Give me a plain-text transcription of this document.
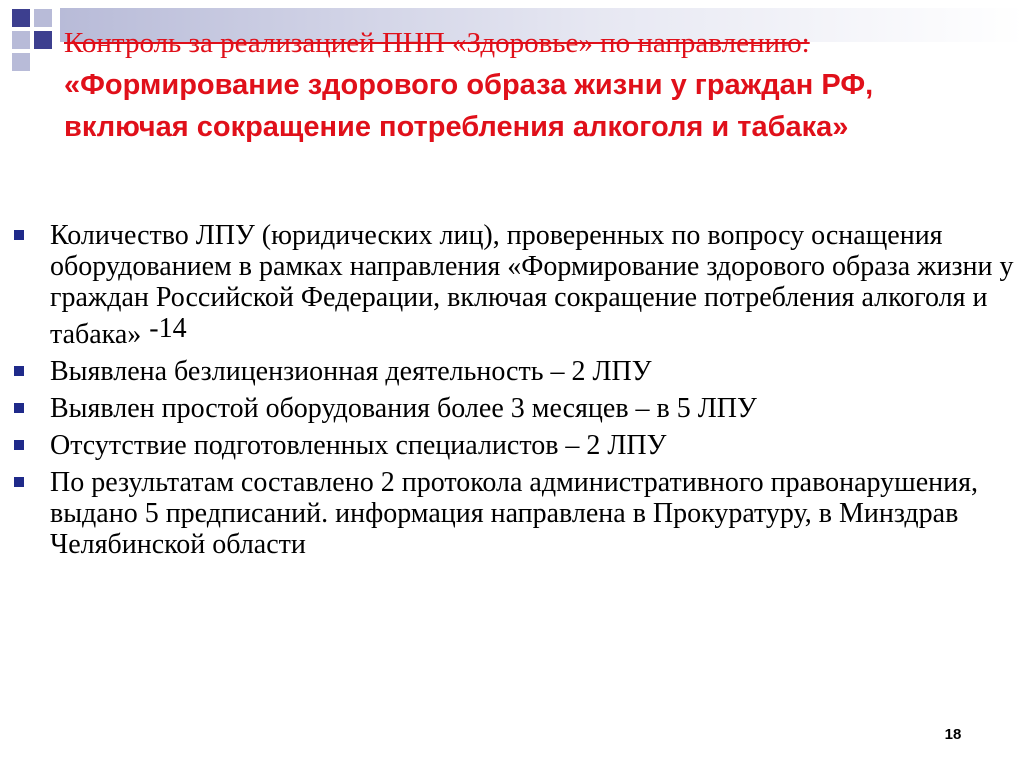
Контроль за реализацией ПНП «Здоровье» по направлению:
«Формирование здорового образа жизни у граждан РФ, включая сокращение потребления алкоголя и табака»
Количество ЛПУ (юридических лиц), проверенных по вопросу оснащения оборудованием в рамках направления «Формирование здорового образа жизни у граждан Российской Федерации, включая сокращение потребления алкоголя и табака» -14
Выявлена безлицензионная деятельность – 2 ЛПУ
Выявлен простой оборудования более 3 месяцев – в 5 ЛПУ
Отсутствие подготовленных специалистов – 2 ЛПУ
По результатам составлено 2 протокола административного правонарушения, выдано 5 предписаний. информация направлена в Прокуратуру, в Минздрав Челябинской области
18
